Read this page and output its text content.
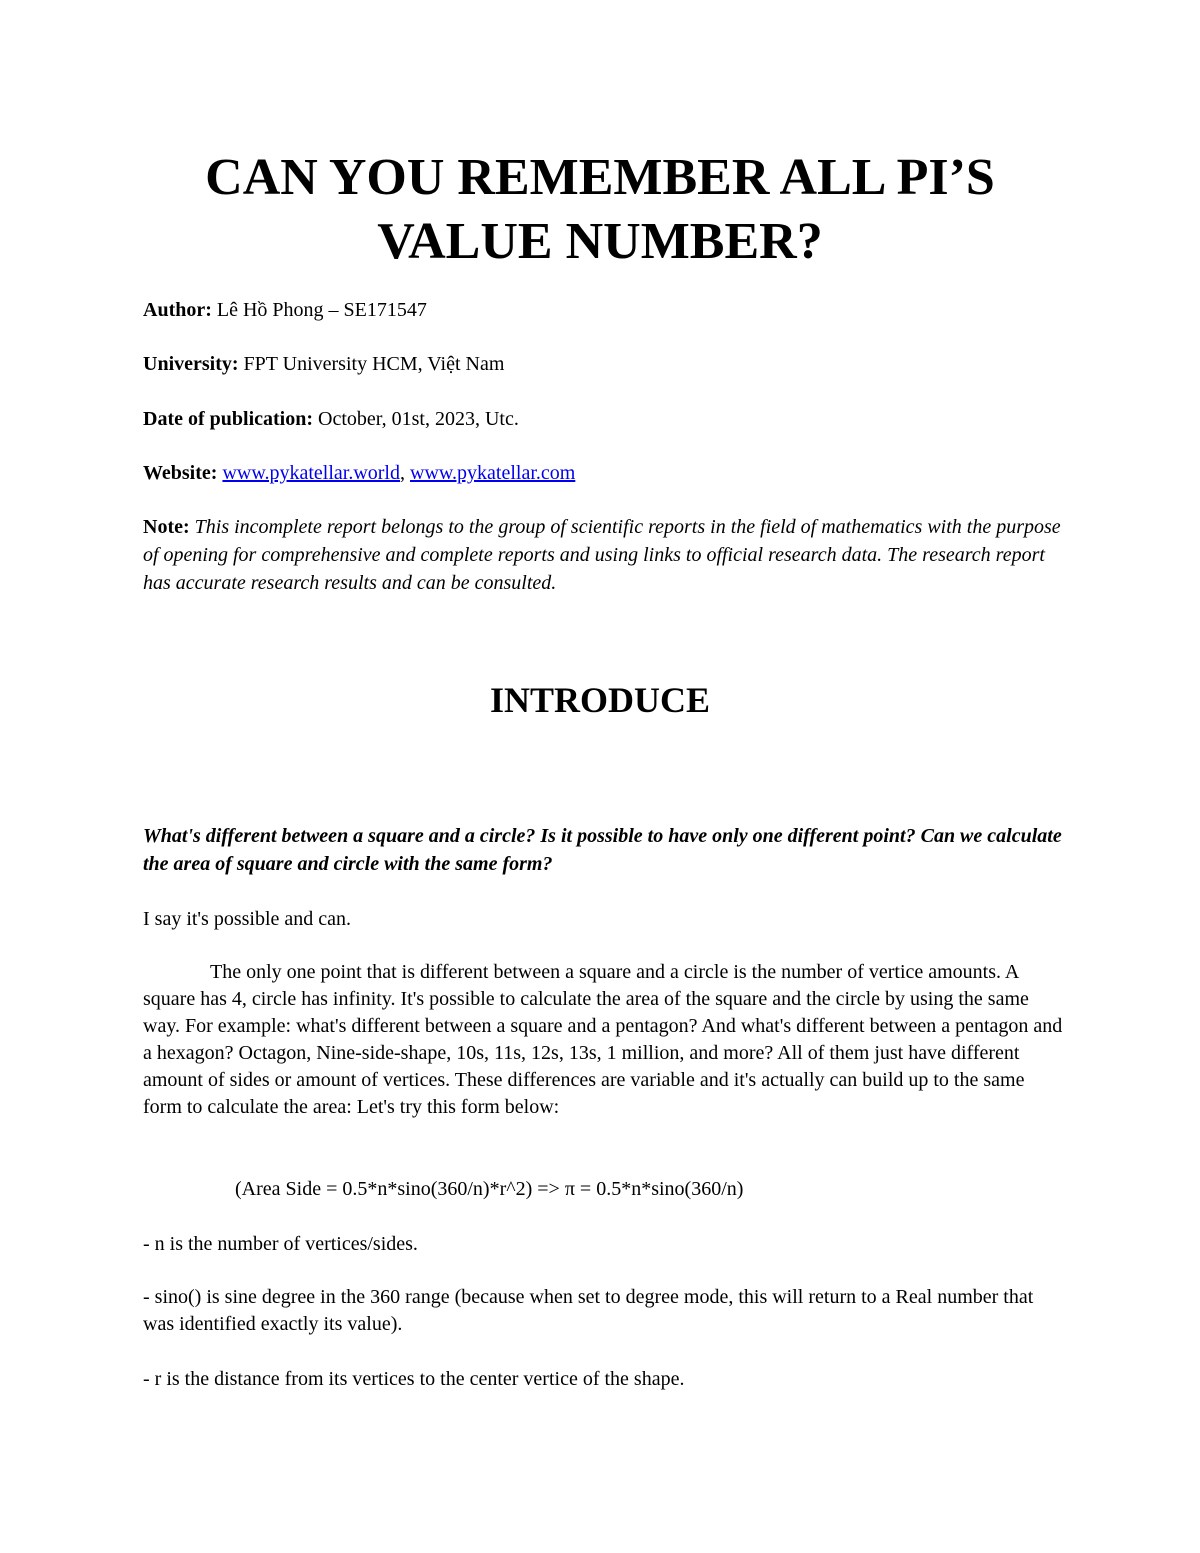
CAN YOU REMEMBER ALL PI’S
VALUE NUMBER?

Author: Lê Hồ Phong – SE171547

University: FPT University HCM, Việt Nam

Date of publication: October, 01st, 2023, Utc.

Website: www.pykatellar.world, www.pykatellar.com

Note: This incomplete report belongs to the group of scientific reports in the field of mathematics with the purpose of opening for comprehensive and complete reports and using links to official research data. The research report has accurate research results and can be consulted.

INTRODUCE

What's different between a square and a circle? Is it possible to have only one different point? Can we calculate the area of square and circle with the same form?

I say it's possible and can.

The only one point that is different between a square and a circle is the number of vertice amounts. A square has 4, circle has infinity. It's possible to calculate the area of the square and the circle by using the same way. For example: what's different between a square and a pentagon? And what's different between a pentagon and a hexagon? Octagon, Nine-side-shape, 10s, 11s, 12s, 13s, 1 million, and more? All of them just have different amount of sides or amount of vertices. These differences are variable and it's actually can build up to the same form to calculate the area: Let's try this form below:

(Area Side = 0.5*n*sino(360/n)*r^2) => π = 0.5*n*sino(360/n)

- n is the number of vertices/sides.

- sino() is sine degree in the 360 range (because when set to degree mode, this will return to a Real number that was identified exactly its value).

- r is the distance from its vertices to the center vertice of the shape.
